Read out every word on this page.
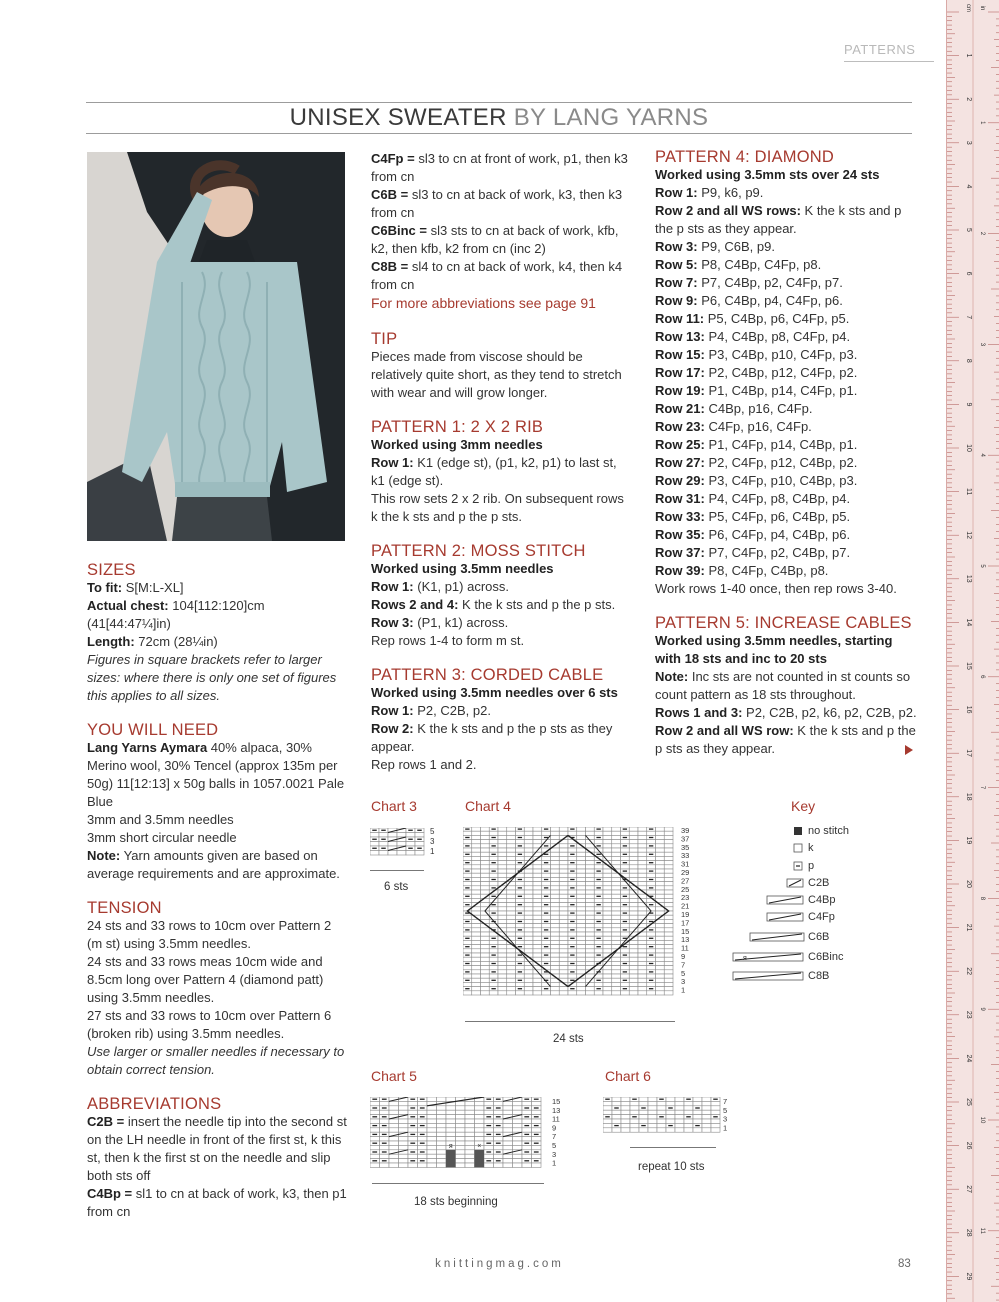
PATTERNS
UNISEX SWEATER BY LANG YARNS

SIZES

To fit: S[M:L-XL]

Actual chest: 104[112:120]cm (41[44:47¼]in)

Length: 72cm (28¼in)

Figures in square brackets refer to larger sizes: where there is only one set of figures this applies to all sizes.

YOU WILL NEED

Lang Yarns Aymara 40% alpaca, 30% Merino wool, 30% Tencel (approx 135m per 50g) 11[12:13] x 50g balls in 1057.0021 Pale Blue

3mm and 3.5mm needles

3mm short circular needle

Note: Yarn amounts given are based on average requirements and are approximate.

TENSION

24 sts and 33 rows to 10cm over Pattern 2 (m st) using 3.5mm needles.

24 sts and 33 rows meas 10cm wide and 8.5cm long over Pattern 4 (diamond patt) using 3.5mm needles.

27 sts and 33 rows to 10cm over Pattern 6 (broken rib) using 3.5mm needles.

Use larger or smaller needles if necessary to obtain correct tension.

ABBREVIATIONS

C2B = insert the needle tip into the second st on the LH needle in front of the first st, k this st, then k the first st on the needle and slip both sts off

C4Bp = sl1 to cn at back of work, k3, then p1 from cn

C4Fp = sl3 to cn at front of work, p1, then k3 from cn

C6B = sl3 to cn at back of work, k3, then k3 from cn

C6Binc = sl3 sts to cn at back of work, kfb, k2, then kfb, k2 from cn (inc 2)

C8B = sl4 to cn at back of work, k4, then k4 from cn

For more abbreviations see page 91

TIP

Pieces made from viscose should be relatively quite short, as they tend to stretch with wear and will grow longer.

PATTERN 1: 2 X 2 RIB

Worked using 3mm needles

Row 1: K1 (edge st), (p1, k2, p1) to last st, k1 (edge st).

This row sets 2 x 2 rib. On subsequent rows k the k sts and p the p sts.

PATTERN 2: MOSS STITCH

Worked using 3.5mm needles

Row 1: (K1, p1) across.

Rows 2 and 4: K the k sts and p the p sts.

Row 3: (P1, k1) across.

Rep rows 1-4 to form m st.

PATTERN 3: CORDED CABLE

Worked using 3.5mm needles over 6 sts

Row 1: P2, C2B, p2.

Row 2: K the k sts and p the p sts as they appear.

Rep rows 1 and 2.

PATTERN 4: DIAMOND

Worked using 3.5mm sts over 24 sts

Row 1: P9, k6, p9.

Row 2 and all WS rows: K the k sts and p the p sts as they appear.

Row 3: P9, C6B, p9.

Row 5: P8, C4Bp, C4Fp, p8.

Row 7: P7, C4Bp, p2, C4Fp, p7.

Row 9: P6, C4Bp, p4, C4Fp, p6.

Row 11: P5, C4Bp, p6, C4Fp, p5.

Row 13: P4, C4Bp, p8, C4Fp, p4.

Row 15: P3, C4Bp, p10, C4Fp, p3.

Row 17: P2, C4Bp, p12, C4Fp, p2.

Row 19: P1, C4Bp, p14, C4Fp, p1.

Row 21: C4Bp, p16, C4Fp.

Row 23: C4Fp, p16, C4Fp.

Row 25: P1, C4Fp, p14, C4Bp, p1.

Row 27: P2, C4Fp, p12, C4Bp, p2.

Row 29: P3, C4Fp, p10, C4Bp, p3.

Row 31: P4, C4Fp, p8, C4Bp, p4.

Row 33: P5, C4Fp, p6, C4Bp, p5.

Row 35: P6, C4Fp, p4, C4Bp, p6.

Row 37: P7, C4Fp, p2, C4Bp, p7.

Row 39: P8, C4Fp, C4Bp, p8.

Work rows 1-40 once, then rep rows 3-40.

PATTERN 5: INCREASE CABLES

Worked using 3.5mm needles, starting with 18 sts and inc to 20 sts

Note: Inc sts are not counted in st counts so count pattern as 18 sts throughout.

Rows 1 and 3: P2, C2B, p2, k6, p2, C2B, p2.

Row 2 and all WS row: K the k sts and p the p sts as they appear.

Chart 3	Chart 4
Chart 5	Chart 6
Key
5
3
1
6 sts
39
37
35
33
31
29
27
25
23
21
19
17
15
13
11
9
7
5
3
1
24 sts
я	×
15
13
11
9
7
5
3
1
18 sts beginning
7
5
3
1
repeat 10 sts
no stitch
k
p
C2B
C4Bp
C4Fp
C6B
C6Binc
C8B
я
1
2
3
4
5
6
7
8
9
10
11
12
13
14
15
16
17
18
19
20
21
22
23
24
25
26
27
28
29
1
2
3
4
5
6
7
8
9
10
11
cm in
knittingmag.com	83
